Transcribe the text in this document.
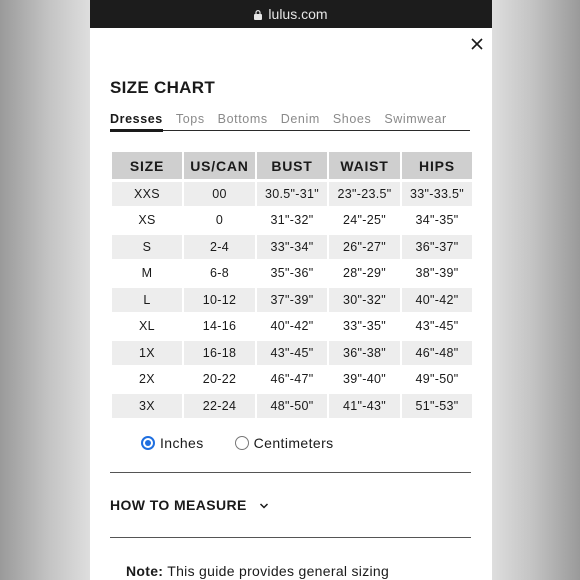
lulus.com
SIZE CHART
Dresses Tops Bottoms Denim Shoes Swimwear
SIZE	US/CAN	BUST	WAIST	HIPS
XXS	00	30.5"-31"	23"-23.5"	33"-33.5"
XS	0	31"-32"	24"-25"	34"-35"
S	2-4	33"-34"	26"-27"	36"-37"
M	6-8	35"-36"	28"-29"	38"-39"
L	10-12	37"-39"	30"-32"	40"-42"
XL	14-16	40"-42"	33"-35"	43"-45"
1X	16-18	43"-45"	36"-38"	46"-48"
2X	20-22	46"-47"	39"-40"	49"-50"
3X	22-24	48"-50"	41"-43"	51"-53"
Inches	Centimeters
HOW TO MEASURE
Note: This guide provides general sizing
